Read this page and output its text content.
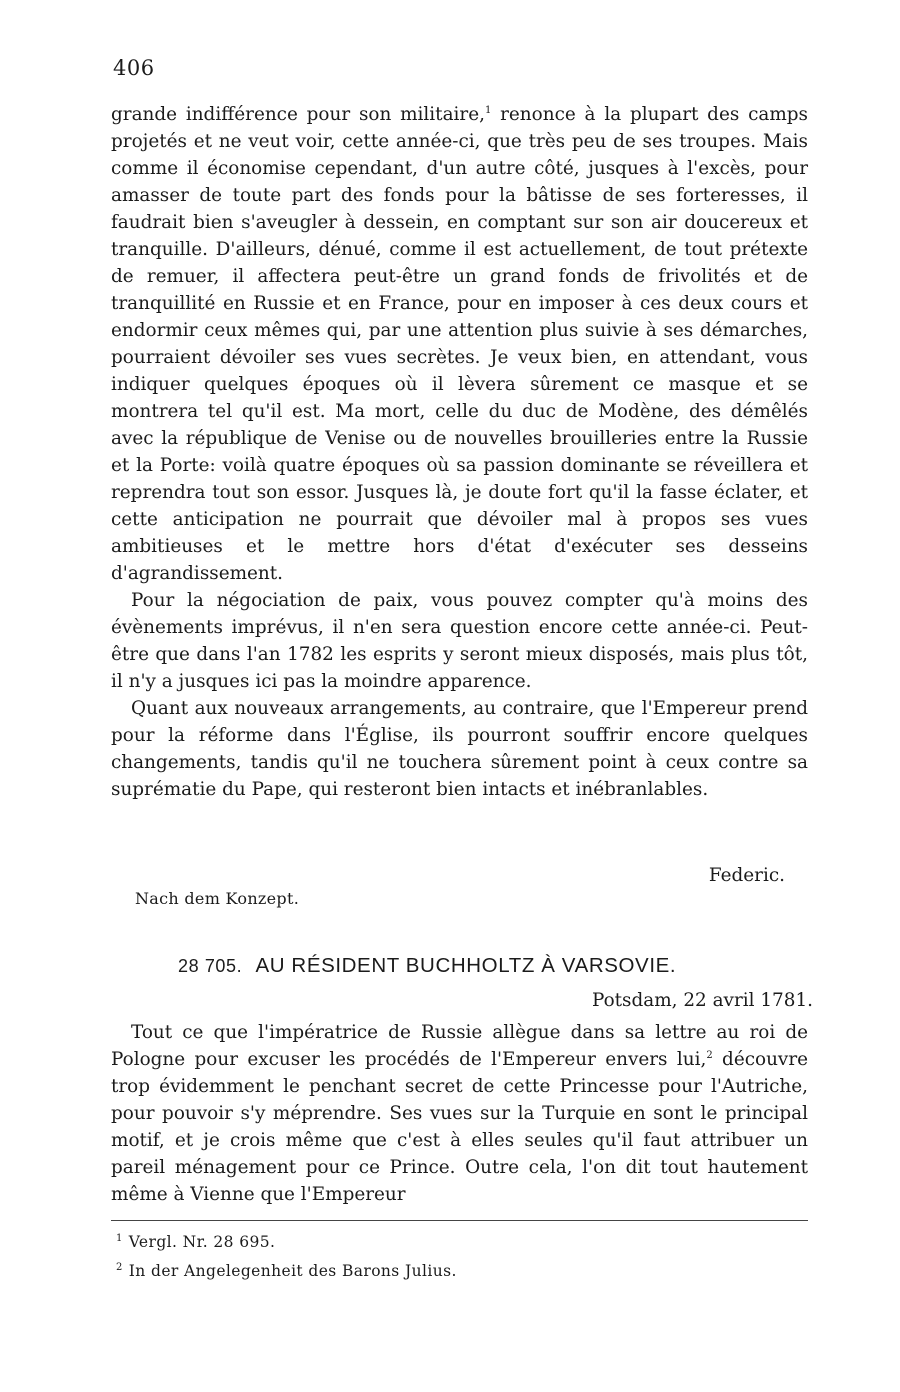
406

grande indifférence pour son militaire,$^1$ renonce à la plupart des camps projetés et ne veut voir, cette année-ci, que très peu de ses troupes. Mais comme il économise cependant, d'un autre côté, jusques à l'excès, pour amasser de toute part des fonds pour la bâtisse de ses forteresses, il faudrait bien s'aveugler à dessein, en comptant sur son air doucereux et tranquille. D'ailleurs, dénué, comme il est actuellement, de tout prétexte de remuer, il affectera peut-être un grand fonds de frivolités et de tranquillité en Russie et en France, pour en imposer à ces deux cours et endormir ceux mêmes qui, par une attention plus suivie à ses démarches, pourraient dévoiler ses vues secrètes. Je veux bien, en attendant, vous indiquer quelques époques où il lèvera sûrement ce masque et se montrera tel qu'il est. Ma mort, celle du duc de Modène, des démêlés avec la république de Venise ou de nouvelles brouilleries entre la Russie et la Porte: voilà quatre époques où sa passion dominante se réveillera et reprendra tout son essor. Jusques là, je doute fort qu'il la fasse éclater, et cette anticipation ne pourrait que dévoiler mal à propos ses vues ambitieuses et le mettre hors d'état d'exécuter ses desseins d'agrandissement.

Pour la négociation de paix, vous pouvez compter qu'à moins des évènements imprévus, il n'en sera question encore cette année-ci. Peut-être que dans l'an 1782 les esprits y seront mieux disposés, mais plus tôt, il n'y a jusques ici pas la moindre apparence.

Quant aux nouveaux arrangements, au contraire, que l'Empereur prend pour la réforme dans l'Église, ils pourront souffrir encore quelques changements, tandis qu'il ne touchera sûrement point à ceux contre sa suprématie du Pape, qui resteront bien intacts et inébranlables.

Federic.
Nach dem Konzept.
28 705. AU RÉSIDENT BUCHHOLTZ À VARSOVIE.
Potsdam, 22 avril 1781.

Tout ce que l'impératrice de Russie allègue dans sa lettre au roi de Pologne pour excuser les procédés de l'Empereur envers lui,$^2$ découvre trop évidemment le penchant secret de cette Princesse pour l'Autriche, pour pouvoir s'y méprendre. Ses vues sur la Turquie en sont le principal motif, et je crois même que c'est à elles seules qu'il faut attribuer un pareil ménagement pour ce Prince. Outre cela, l'on dit tout hautement même à Vienne que l'Empereur

$^1$ Vergl. Nr. 28 695.
$^2$ In der Angelegenheit des Barons Julius.
